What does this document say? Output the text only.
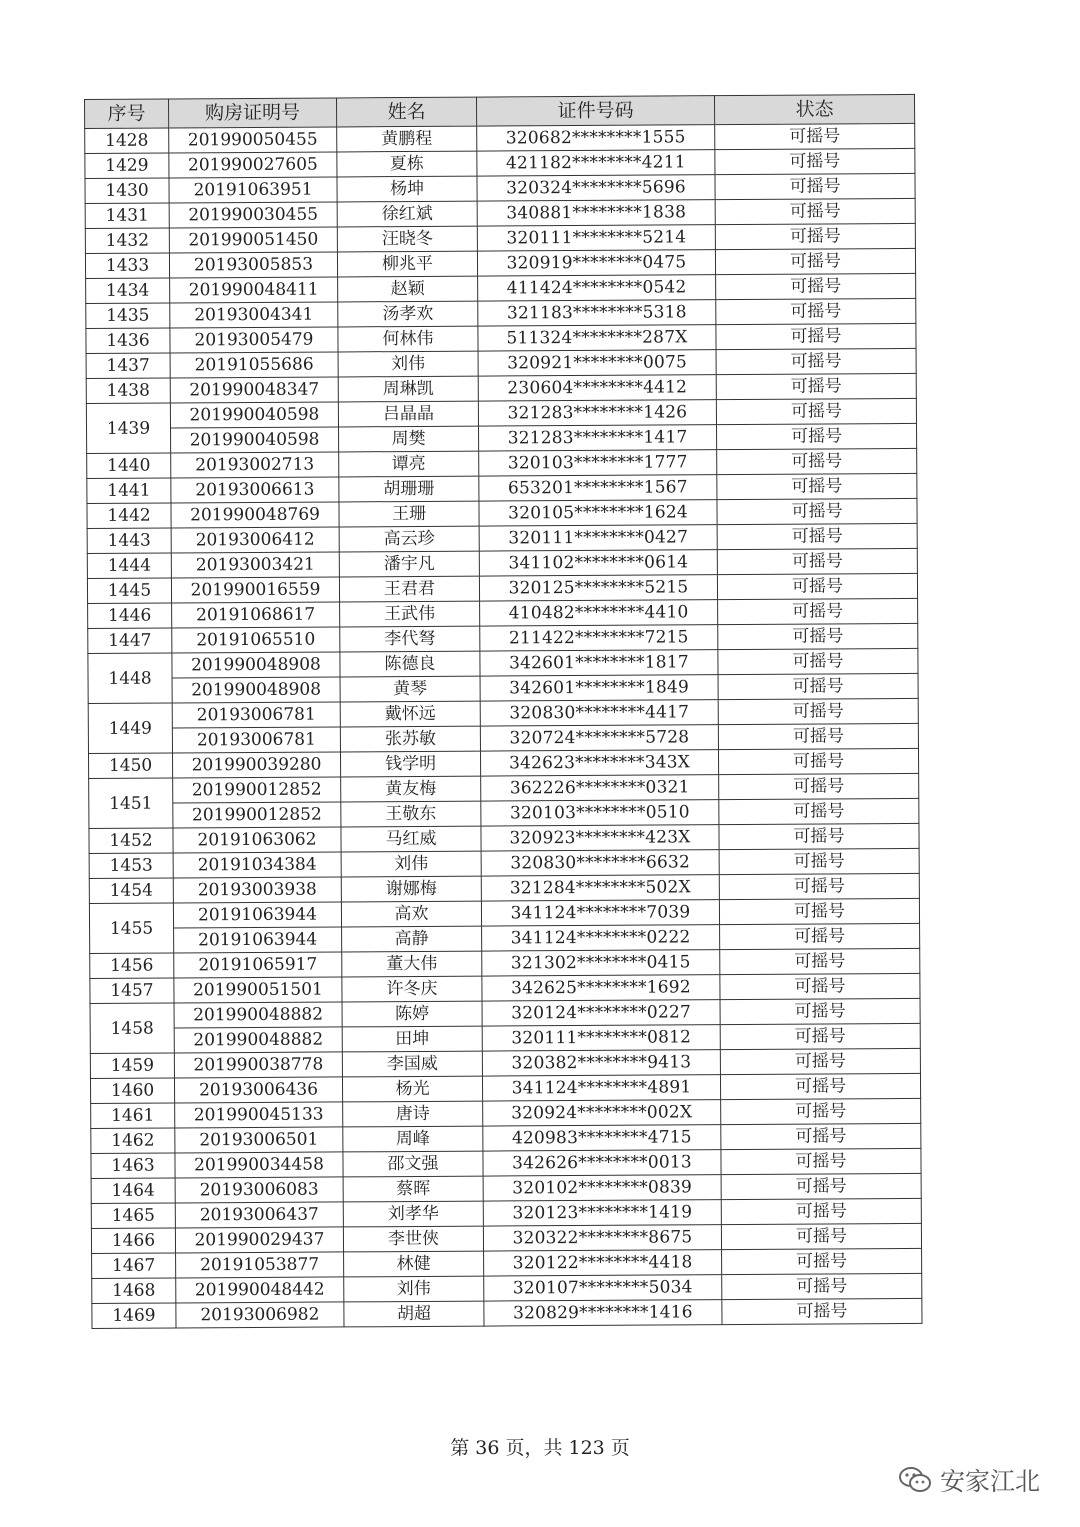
序号	购房证明号	姓名	证件号码	状态
1428	201990050455	黄鹏程	320682********1555	可摇号
1429	201990027605	夏栋	421182********4211	可摇号
1430	20191063951	杨坤	320324********5696	可摇号
1431	201990030455	徐红斌	340881********1838	可摇号
1432	201990051450	汪晓冬	320111********5214	可摇号
1433	20193005853	柳兆平	320919********0475	可摇号
1434	201990048411	赵颖	411424********0542	可摇号
1435	20193004341	汤孝欢	321183********5318	可摇号
1436	20193005479	何林伟	511324********287X	可摇号
1437	20191055686	刘伟	320921********0075	可摇号
1438	201990048347	周琳凯	230604********4412	可摇号
1439	201990040598	吕晶晶	321283********1426	可摇号
	201990040598	周樊	321283********1417	可摇号
1440	20193002713	谭亮	320103********1777	可摇号
1441	20193006613	胡珊珊	653201********1567	可摇号
1442	201990048769	王珊	320105********1624	可摇号
1443	20193006412	高云珍	320111********0427	可摇号
1444	20193003421	潘宇凡	341102********0614	可摇号
1445	201990016559	王君君	320125********5215	可摇号
1446	20191068617	王武伟	410482********4410	可摇号
1447	20191065510	李代弩	211422********7215	可摇号
1448	201990048908	陈德良	342601********1817	可摇号
	201990048908	黄琴	342601********1849	可摇号
1449	20193006781	戴怀远	320830********4417	可摇号
	20193006781	张苏敏	320724********5728	可摇号
1450	201990039280	钱学明	342623********343X	可摇号
1451	201990012852	黄友梅	362226********0321	可摇号
	201990012852	王敬东	320103********0510	可摇号
1452	20191063062	马红威	320923********423X	可摇号
1453	20191034384	刘伟	320830********6632	可摇号
1454	20193003938	谢娜梅	321284********502X	可摇号
1455	20191063944	高欢	341124********7039	可摇号
	20191063944	高静	341124********0222	可摇号
1456	20191065917	董大伟	321302********0415	可摇号
1457	201990051501	许冬庆	342625********1692	可摇号
1458	201990048882	陈婷	320124********0227	可摇号
	201990048882	田坤	320111********0812	可摇号
1459	201990038778	李国威	320382********9413	可摇号
1460	20193006436	杨光	341124********4891	可摇号
1461	201990045133	唐诗	320924********002X	可摇号
1462	20193006501	周峰	420983********4715	可摇号
1463	201990034458	邵文强	342626********0013	可摇号
1464	20193006083	蔡晖	320102********0839	可摇号
1465	20193006437	刘孝华	320123********1419	可摇号
1466	201990029437	李世俠	320322********8675	可摇号
1467	20191053877	林健	320122********4418	可摇号
1468	201990048442	刘伟	320107********5034	可摇号
1469	20193006982	胡超	320829********1416	可摇号
第 36 页，共 123 页
安家江北
